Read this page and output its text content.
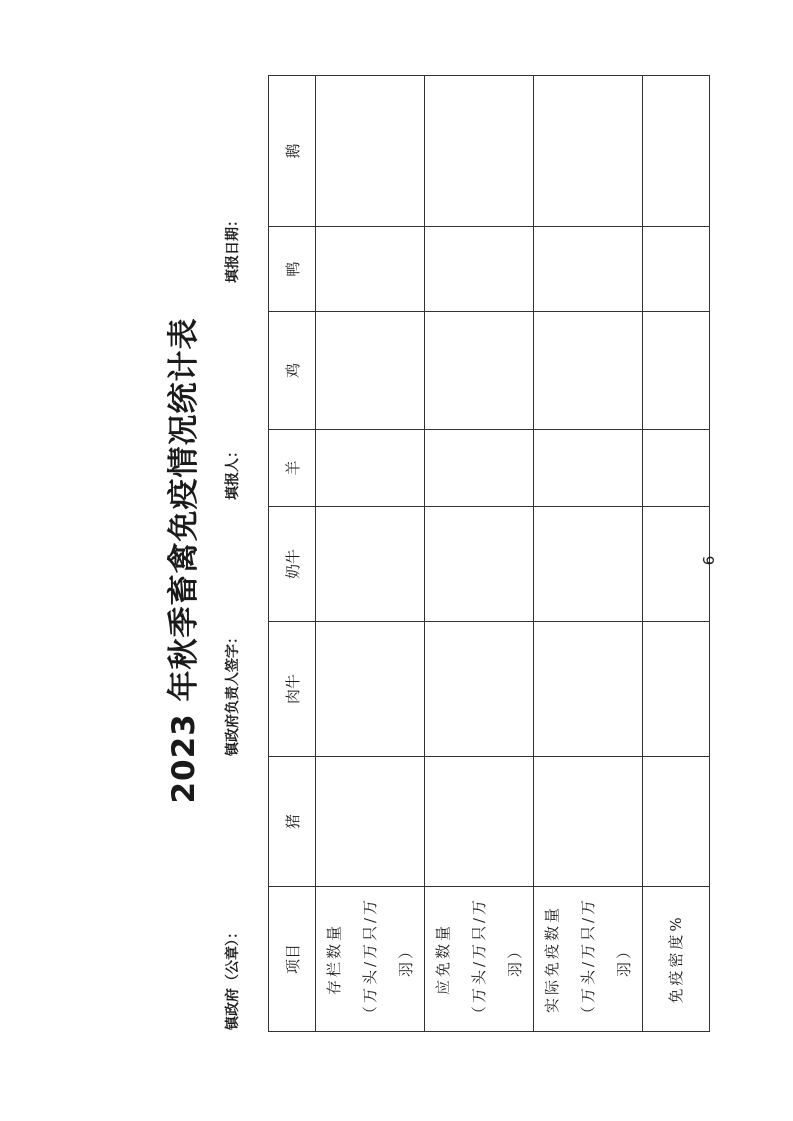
2023 年秋季畜禽免疫情况统计表
镇政府（公章）：
镇政府负责人签字：
填报人：
填报日期：
项目	猪	肉牛	奶牛	羊	鸡	鸭	鹅

存栏数量 （万头/万只/万羽）							

应免数量 （万头/万只/万羽）							

实际免疫数量 （万头/万只/万羽）							

免疫密度%							

6
